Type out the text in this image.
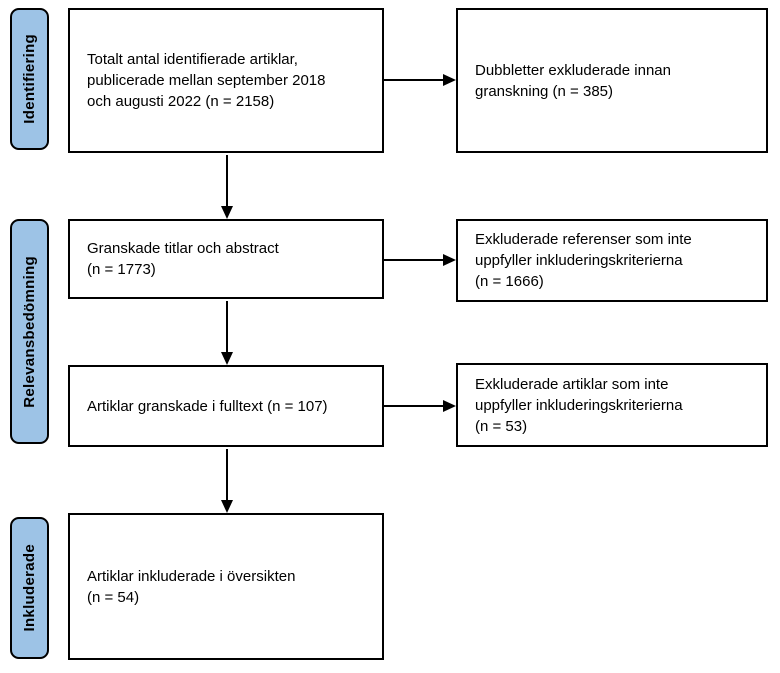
Identifiering
Relevansbedömning
Inkluderade
Totalt antal identifierade artiklar,
publicerade mellan september 2018
och augusti 2022 (n = 2158)
Granskade titlar och abstract
(n = 1773)
Artiklar granskade i fulltext (n = 107)
Artiklar inkluderade i översikten
(n = 54)
Dubbletter exkluderade innan
granskning (n = 385)
Exkluderade referenser som inte
uppfyller inkluderingskriterierna
(n = 1666)
Exkluderade artiklar som inte
uppfyller inkluderingskriterierna
(n = 53)
